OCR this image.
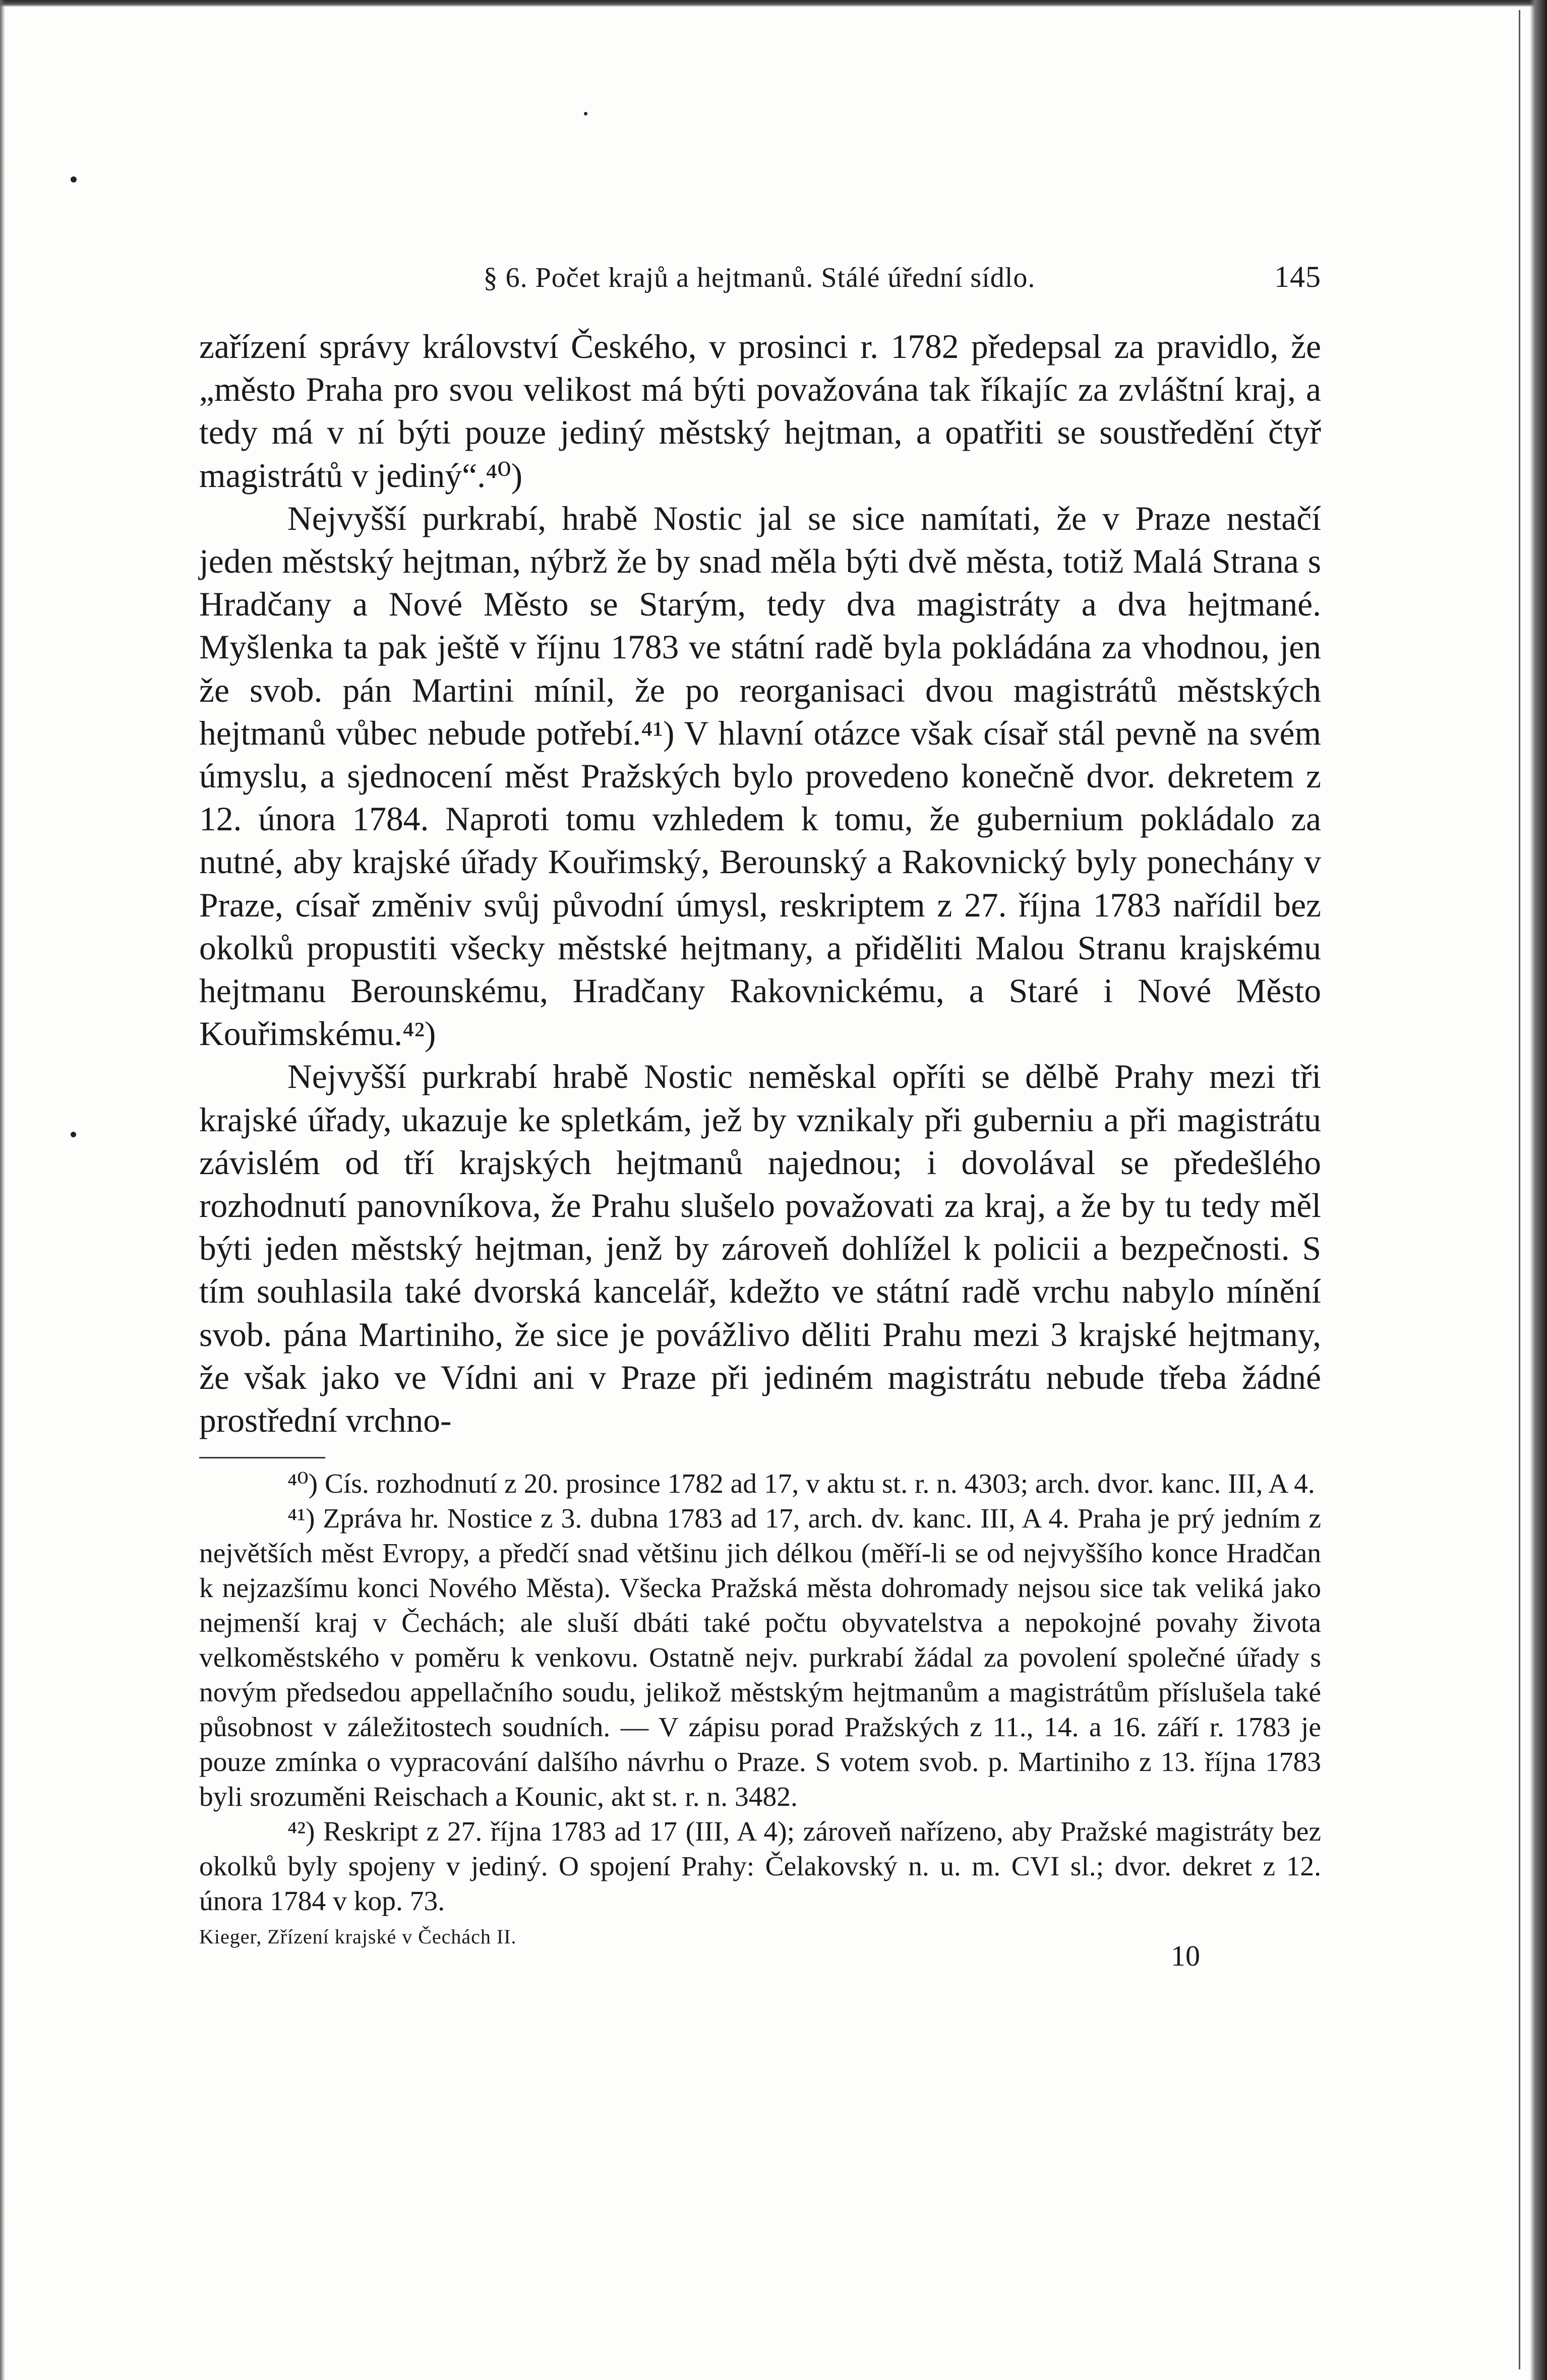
§ 6. Počet krajů a hejtmanů. Stálé úřední sídlo.	145

zařízení správy království Českého, v prosinci r. 1782 předepsal za pravidlo, že „město Praha pro svou velikost má býti považována tak říkajíc za zvláštní kraj, a tedy má v ní býti pouze jediný městský hejtman, a opatřiti se soustředění čtyř magistrátů v jediný“.⁴⁰)

Nejvyšší purkrabí, hrabě Nostic jal se sice namítati, že v Praze nestačí jeden městský hejtman, nýbrž že by snad měla býti dvě města, totiž Malá Strana s Hradčany a Nové Město se Starým, tedy dva magistráty a dva hejtmané. Myšlenka ta pak ještě v říjnu 1783 ve státní radě byla pokládána za vhodnou, jen že svob. pán Martini mínil, že po reorganisaci dvou magistrátů městských hejtmanů vůbec nebude potřebí.⁴¹) V hlavní otázce však císař stál pevně na svém úmyslu, a sjednocení měst Pražských bylo provedeno konečně dvor. dekretem z 12. února 1784. Naproti tomu vzhledem k tomu, že gubernium pokládalo za nutné, aby krajské úřady Kouřimský, Berounský a Rakovnický byly ponechány v Praze, císař změniv svůj původní úmysl, reskriptem z 27. října 1783 nařídil bez okolků propustiti všecky městské hejtmany, a přiděliti Malou Stranu krajskému hejtmanu Berounskému, Hradčany Rakovnickému, a Staré i Nové Město Kouřimskému.⁴²)

Nejvyšší purkrabí hrabě Nostic neměskal opříti se dělbě Prahy mezi tři krajské úřady, ukazuje ke spletkám, jež by vznikaly při guberniu a při magistrátu závislém od tří krajských hejtmanů najednou; i dovolával se předešlého rozhodnutí panovníkova, že Prahu slušelo považovati za kraj, a že by tu tedy měl býti jeden městský hejtman, jenž by zároveň dohlížel k policii a bezpečnosti. S tím souhlasila také dvorská kancelář, kdežto ve státní radě vrchu nabylo mínění svob. pána Martiniho, že sice je povážlivo děliti Prahu mezi 3 krajské hejtmany, že však jako ve Vídni ani v Praze při jediném magistrátu nebude třeba žádné prostřední vrchno-

⁴⁰) Cís. rozhodnutí z 20. prosince 1782 ad 17, v aktu st. r. n. 4303; arch. dvor. kanc. III, A 4.

⁴¹) Zpráva hr. Nostice z 3. dubna 1783 ad 17, arch. dv. kanc. III, A 4. Praha je prý jedním z největších měst Evropy, a předčí snad většinu jich délkou (měří-li se od nejvyššího konce Hradčan k nejzazšímu konci Nového Města). Všecka Pražská města dohromady nejsou sice tak veliká jako nejmenší kraj v Čechách; ale sluší dbáti také počtu obyvatelstva a nepokojné povahy života velkoměstského v poměru k venkovu. Ostatně nejv. purkrabí žádal za povolení společné úřady s novým předsedou appellačního soudu, jelikož městským hejtmanům a magistrátům příslušela také působnost v záležitostech soudních. — V zápisu porad Pražských z 11., 14. a 16. září r. 1783 je pouze zmínka o vypracování dalšího návrhu o Praze. S votem svob. p. Martiniho z 13. října 1783 byli srozuměni Reischach a Kounic, akt st. r. n. 3482.

⁴²) Reskript z 27. října 1783 ad 17 (III, A 4); zároveň nařízeno, aby Pražské magistráty bez okolků byly spojeny v jediný. O spojení Prahy: Čelakovský n. u. m. CVI sl.; dvor. dekret z 12. února 1784 v kop. 73.

Kieger, Zřízení krajské v Čechách II.
10
